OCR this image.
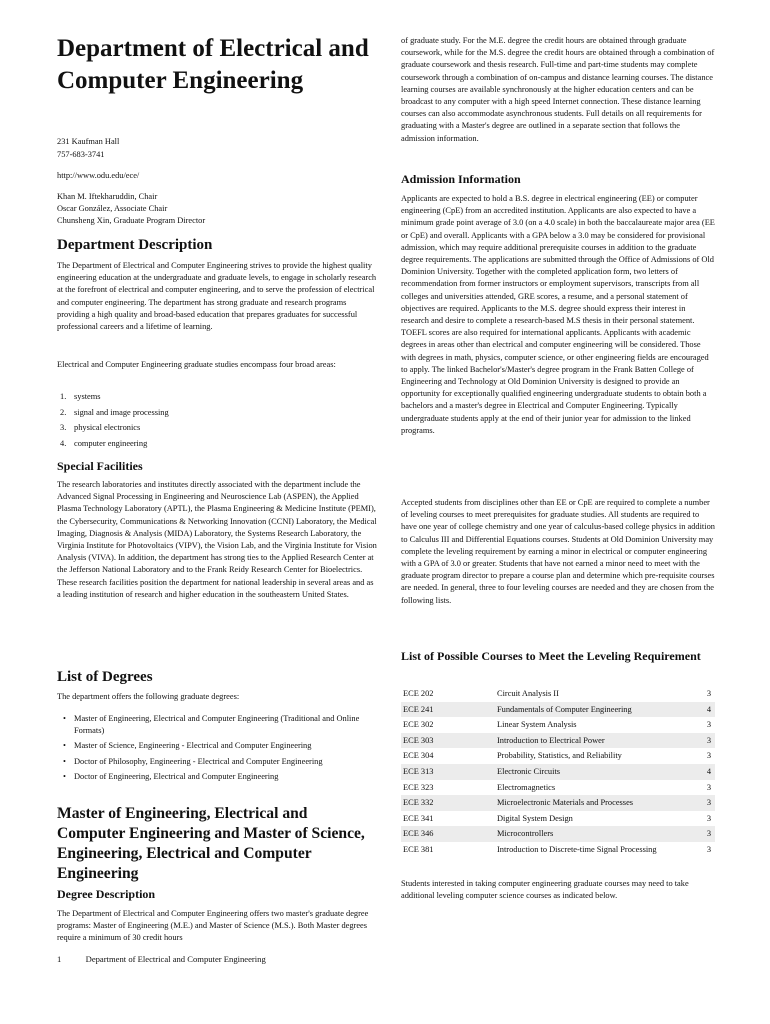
Department of Electrical and Computer Engineering

231 Kaufman Hall

757-683-3741

http://www.odu.edu/ece/

Khan M. Iftekharuddin, Chair

Oscar González, Associate Chair

Chunsheng Xin, Graduate Program Director

Department Description

The Department of Electrical and Computer Engineering strives to provide the highest quality engineering education at the undergraduate and graduate levels, to engage in scholarly research at the forefront of electrical and computer engineering, and to serve the profession of electrical and computer engineering. The department has strong graduate and research programs providing a high quality and broad-based education that prepares graduates for successful professional careers and a lifetime of learning.

Electrical and Computer Engineering graduate studies encompass four broad areas:

1. systems
2. signal and image processing
3. physical electronics
4. computer engineering
Special Facilities

The research laboratories and institutes directly associated with the department include the Advanced Signal Processing in Engineering and Neuroscience Lab (ASPEN), the Applied Plasma Technology Laboratory (APTL), the Plasma Engineering & Medicine Institute (PEMI), the Cybersecurity, Communications & Networking Innovation (CCNI) Laboratory, the Medical Imaging, Diagnosis & Analysis (MIDA) Laboratory, the Systems Research Laboratory, the Virginia Institute for Photovoltaics (VIPV), the Vision Lab, and the Virginia Institute for Vision Analysis (VIVA). In addition, the department has strong ties to the Applied Research Center at the Jefferson National Laboratory and to the Frank Reidy Research Center for Bioelectrics. These research facilities position the department for national leadership in several areas and as a leading institution of research and higher education in the southeastern United States.

List of Degrees

The department offers the following graduate degrees:

• Master of Engineering, Electrical and Computer Engineering (Traditional and Online Formats)
• Master of Science, Engineering - Electrical and Computer Engineering
• Doctor of Philosophy, Engineering - Electrical and Computer Engineering
• Doctor of Engineering, Electrical and Computer Engineering
Master of Engineering, Electrical and Computer Engineering and Master of Science, Engineering, Electrical and Computer Engineering
Degree Description

The Department of Electrical and Computer Engineering offers two master's graduate degree programs: Master of Engineering (M.E.) and Master of Science (M.S.). Both Master degrees require a minimum of 30 credit hours

of graduate study. For the M.E. degree the credit hours are obtained through graduate coursework, while for the M.S. degree the credit hours are obtained through a combination of graduate coursework and thesis research. Full-time and part-time students may complete coursework through a combination of on-campus and distance learning courses. The distance learning courses are available synchronously at the higher education centers and can be broadcast to any computer with a high speed Internet connection. These distance learning courses can also accommodate asynchronous students. Full details on all requirements for graduating with a Master's degree are outlined in a separate section that follows the admission information.

Admission Information

Applicants are expected to hold a B.S. degree in electrical engineering (EE) or computer engineering (CpE) from an accredited institution. Applicants are also expected to have a minimum grade point average of 3.0 (on a 4.0 scale) in both the baccalaureate major area (EE or CpE) and overall. Applicants with a GPA below a 3.0 may be considered for provisional admission, which may require additional prerequisite courses in addition to the graduate degree requirements. The applications are submitted through the Office of Admissions of Old Dominion University. Together with the completed application form, two letters of recommendation from former instructors or employment supervisors, transcripts from all colleges and universities attended, GRE scores, a resume, and a personal statement of objectives are required. Applicants to the M.S. degree should express their interest in research and desire to complete a research-based M.S thesis in their personal statement. TOEFL scores are also required for international applicants. Applicants with academic degrees in areas other than electrical and computer engineering will be considered. Those with degrees in math, physics, computer science, or other engineering fields are encouraged to apply. The linked Bachelor's/Master's degree program in the Frank Batten College of Engineering and Technology at Old Dominion University is designed to provide an opportunity for exceptionally qualified engineering undergraduate students to obtain both a bachelors and a master's degree in Electrical and Computer Engineering. Typically undergraduate students apply at the end of their junior year for admission to the linked programs.

Accepted students from disciplines other than EE or CpE are required to complete a number of leveling courses to meet prerequisites for graduate studies. All students are required to have one year of college chemistry and one year of calculus-based college physics in addition to Calculus III and Differential Equations courses. Students at Old Dominion University may complete the leveling requirement by earning a minor in electrical or computer engineering with a GPA of 3.0 or greater. Students that have not earned a minor need to meet with the graduate program director to prepare a course plan and determine which pre-requisite courses are needed. In general, three to four leveling courses are needed and they are chosen from the following lists.

List of Possible Courses to Meet the Leveling Requirement
ECE 202	Circuit Analysis II	3
ECE 241	Fundamentals of Computer Engineering	4
ECE 302	Linear System Analysis	3
ECE 303	Introduction to Electrical Power	3
ECE 304	Probability, Statistics, and Reliability	3
ECE 313	Electronic Circuits	4
ECE 323	Electromagnetics	3
ECE 332	Microelectronic Materials and Processes	3
ECE 341	Digital System Design	3
ECE 346	Microcontrollers	3
ECE 381	Introduction to Discrete-time Signal Processing	3

Students interested in taking computer engineering graduate courses may need to take additional leveling computer science courses as indicated below.

1	Department of Electrical and Computer Engineering
